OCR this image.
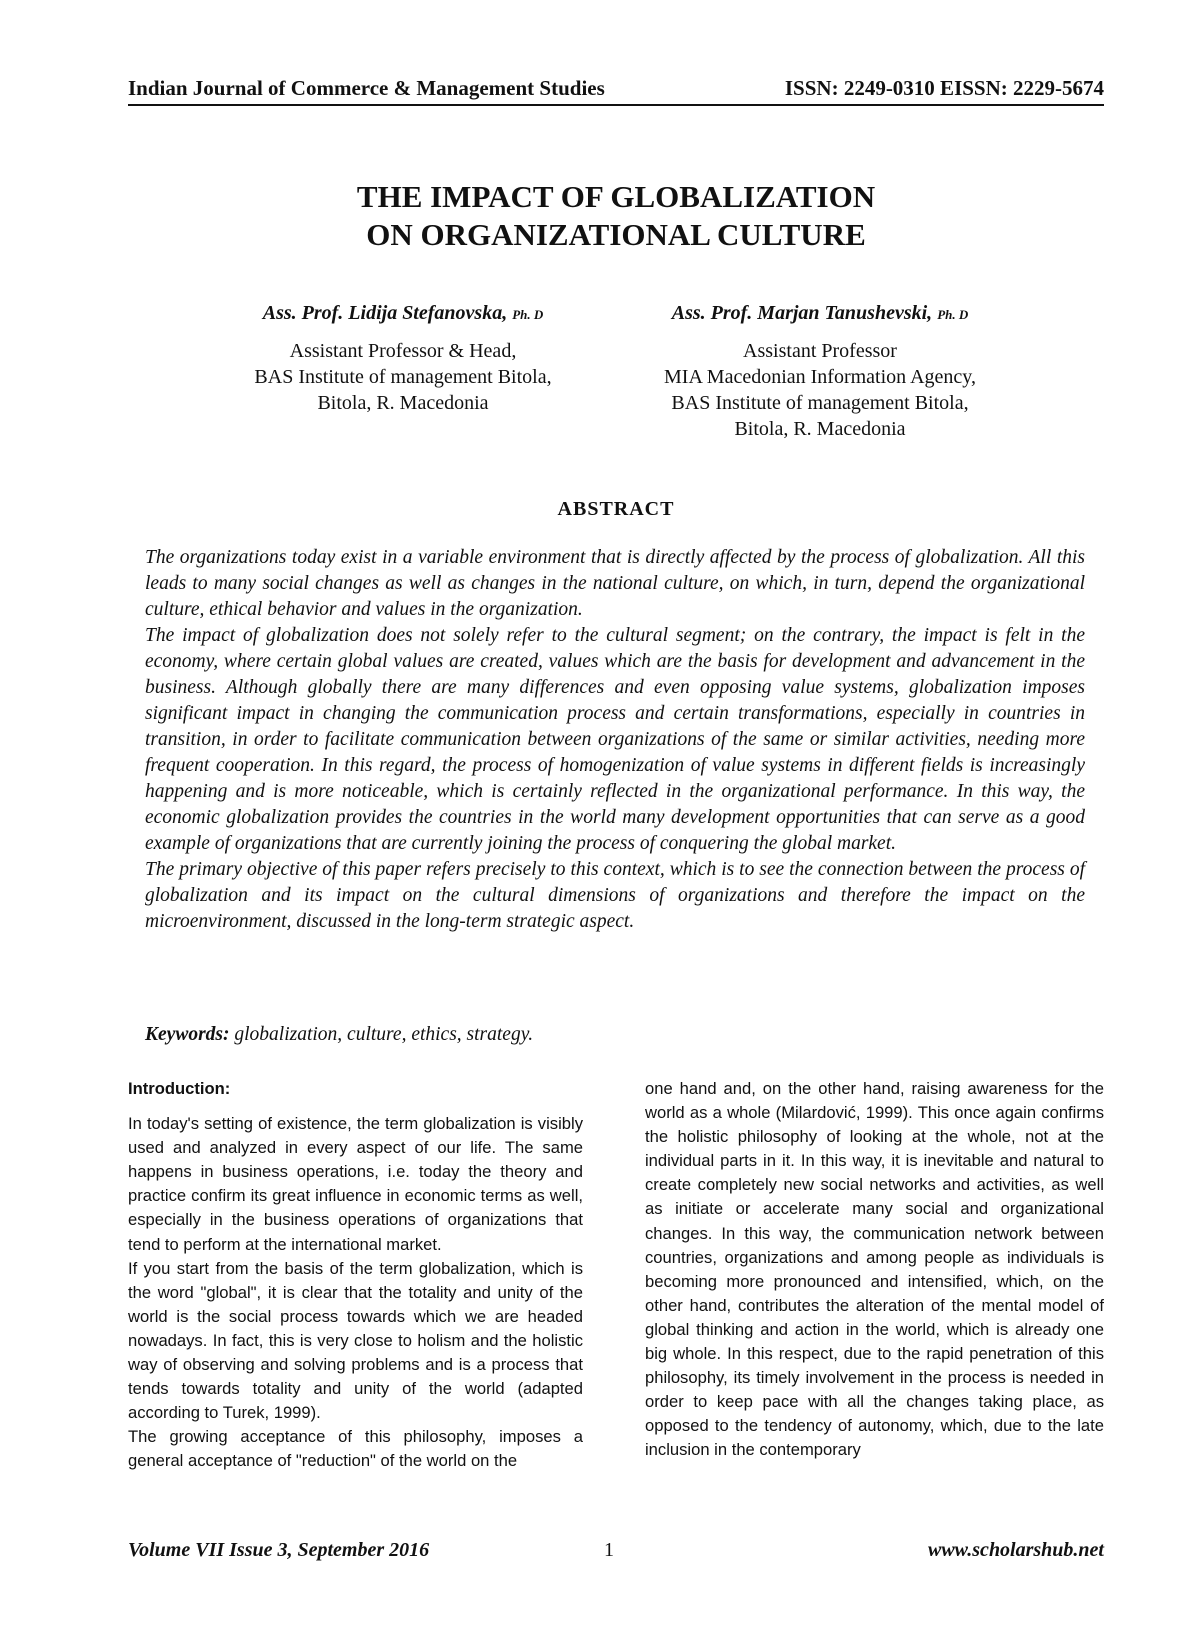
Indian Journal of Commerce & Management Studies	ISSN: 2249-0310 EISSN: 2229-5674
THE IMPACT OF GLOBALIZATION
ON ORGANIZATIONAL CULTURE
Ass. Prof. Lidija Stefanovska, Ph. D
Assistant Professor & Head,
BAS Institute of management Bitola,
Bitola, R. Macedonia
Ass. Prof. Marjan Tanushevski, Ph. D
Assistant Professor
MIA Macedonian Information Agency,
BAS Institute of management Bitola,
Bitola, R. Macedonia
ABSTRACT

The organizations today exist in a variable environment that is directly affected by the process of globalization. All this leads to many social changes as well as changes in the national culture, on which, in turn, depend the organizational culture, ethical behavior and values in the organization.

The impact of globalization does not solely refer to the cultural segment; on the contrary, the impact is felt in the economy, where certain global values are created, values which are the basis for development and advancement in the business. Although globally there are many differences and even opposing value systems, globalization imposes significant impact in changing the communication process and certain transformations, especially in countries in transition, in order to facilitate communication between organizations of the same or similar activities, needing more frequent cooperation. In this regard, the process of homogenization of value systems in different fields is increasingly happening and is more noticeable, which is certainly reflected in the organizational performance. In this way, the economic globalization provides the countries in the world many development opportunities that can serve as a good example of organizations that are currently joining the process of conquering the global market.

The primary objective of this paper refers precisely to this context, which is to see the connection between the process of globalization and its impact on the cultural dimensions of organizations and therefore the impact on the microenvironment, discussed in the long-term strategic aspect.

Keywords: globalization, culture, ethics, strategy.

Introduction:

In today's setting of existence, the term globalization is visibly used and analyzed in every aspect of our life. The same happens in business operations, i.e. today the theory and practice confirm its great influence in economic terms as well, especially in the business operations of organizations that tend to perform at the international market.

If you start from the basis of the term globalization, which is the word "global", it is clear that the totality and unity of the world is the social process towards which we are headed nowadays. In fact, this is very close to holism and the holistic way of observing and solving problems and is a process that tends towards totality and unity of the world (adapted according to Turek, 1999).

The growing acceptance of this philosophy, imposes a general acceptance of "reduction" of the world on the

one hand and, on the other hand, raising awareness for the world as a whole (Milardović, 1999). This once again confirms the holistic philosophy of looking at the whole, not at the individual parts in it. In this way, it is inevitable and natural to create completely new social networks and activities, as well as initiate or accelerate many social and organizational changes. In this way, the communication network between countries, organizations and among people as individuals is becoming more pronounced and intensified, which, on the other hand, contributes the alteration of the mental model of global thinking and action in the world, which is already one big whole. In this respect, due to the rapid penetration of this philosophy, its timely involvement in the process is needed in order to keep pace with all the changes taking place, as opposed to the tendency of autonomy, which, due to the late inclusion in the contemporary

Volume VII Issue 3, September 2016	1	www.scholarshub.net
